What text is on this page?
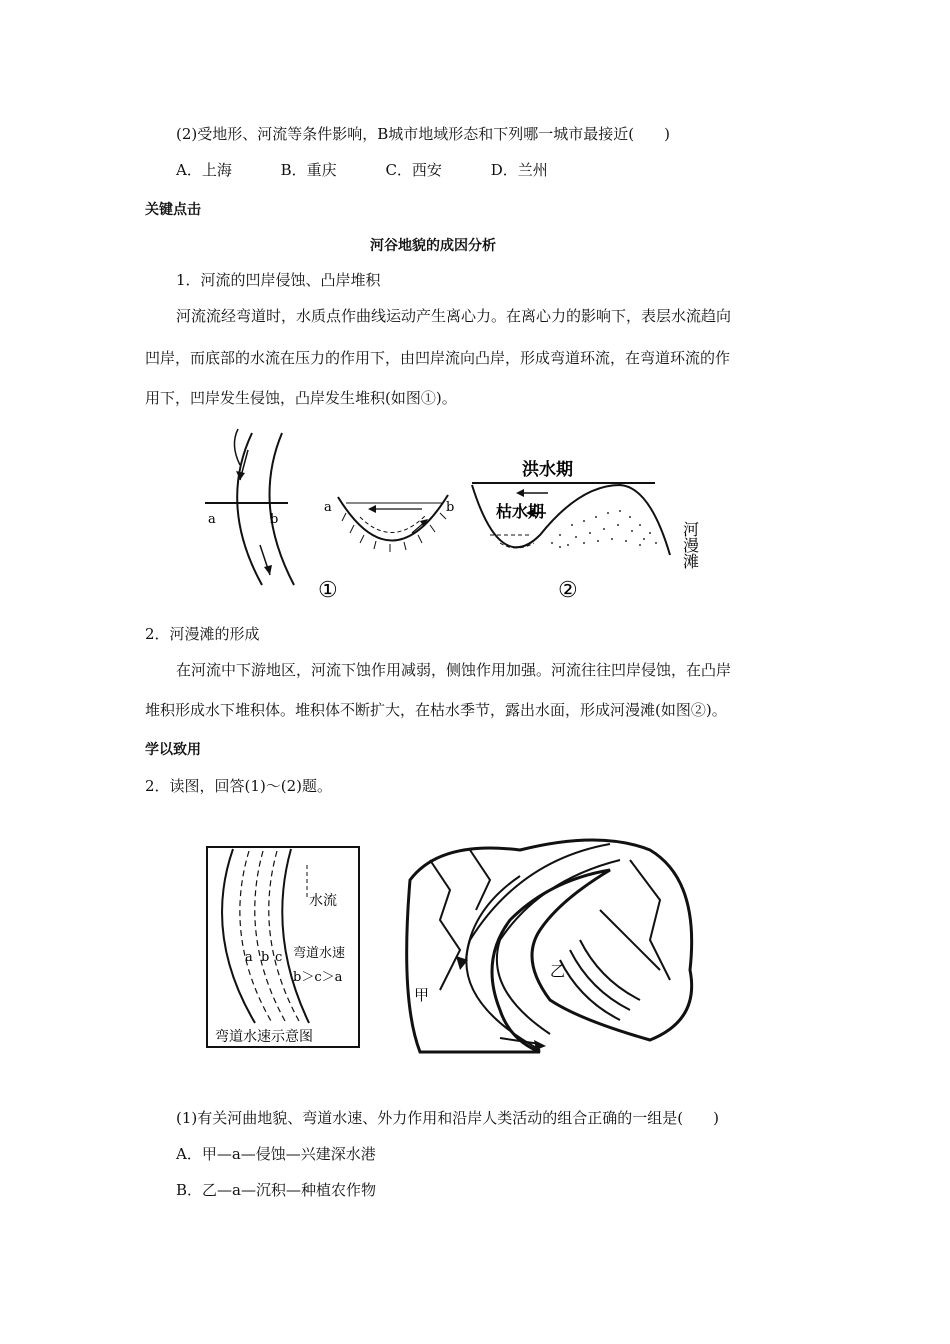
(2)受地形、河流等条件影响，B城市地域形态和下列哪一城市最接近(　　)
A．上海	B．重庆	C．西安	D．兰州
关键点击
河谷地貌的成因分析
1．河流的凹岸侵蚀、凸岸堆积
河流流经弯道时，水质点作曲线运动产生离心力。在离心力的影响下，表层水流趋向
凹岸，而底部的水流在压力的作用下，由凹岸流向凸岸，形成弯道环流，在弯道环流的作
用下，凹岸发生侵蚀，凸岸发生堆积(如图①)。
a	b
a	b
①
洪水期
枯水期
河漫滩
②
2．河漫滩的形成
在河流中下游地区，河流下蚀作用减弱，侧蚀作用加强。河流往往凹岸侵蚀，在凸岸
堆积形成水下堆积体。堆积体不断扩大，在枯水季节，露出水面，形成河漫滩(如图②)。
学以致用
2．读图，回答(1)～(2)题。
水流
a b c 弯道水速
b＞c＞a
弯道水速示意图
甲
乙
(1)有关河曲地貌、弯道水速、外力作用和沿岸人类活动的组合正确的一组是(　　)
A．甲—a—侵蚀—兴建深水港
B．乙—a—沉积—种植农作物
